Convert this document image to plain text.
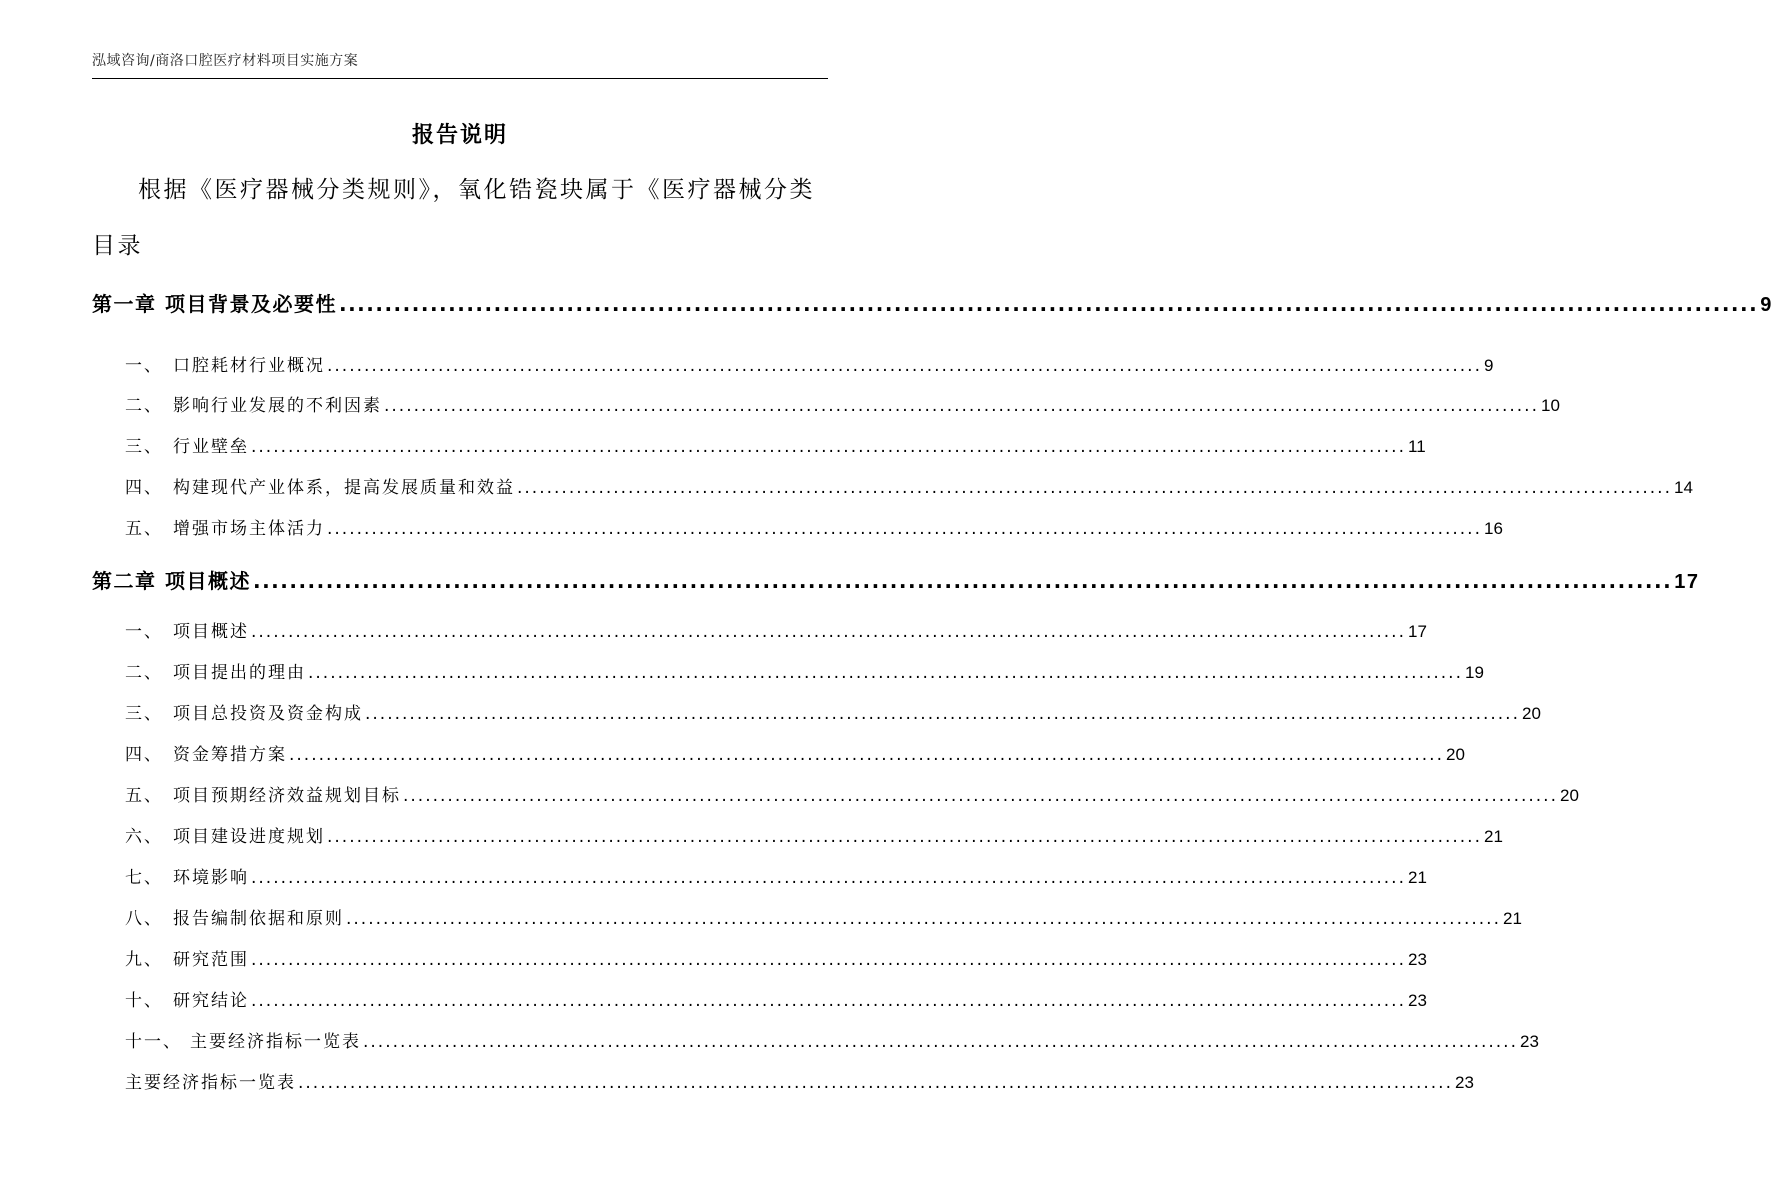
泓域咨询/商洛口腔医疗材料项目实施方案
报告说明

根据《医疗器械分类规则》，氧化锆瓷块属于《医疗器械分类目录

第一章 项目背景及必要性 ............................................................................................................................................................ 9
一、 口腔耗材行业概况 ............................................................................................................................................................ 9
二、 影响行业发展的不利因素 ............................................................................................................................................................ 10
三、 行业壁垒 ............................................................................................................................................................ 11
四、 构建现代产业体系，提高发展质量和效益 ............................................................................................................................................................ 14
五、 增强市场主体活力 ............................................................................................................................................................ 16
第二章 项目概述 ............................................................................................................................................................ 17
一、 项目概述 ............................................................................................................................................................ 17
二、 项目提出的理由 ............................................................................................................................................................ 19
三、 项目总投资及资金构成 ............................................................................................................................................................ 20
四、 资金筹措方案 ............................................................................................................................................................ 20
五、 项目预期经济效益规划目标 ............................................................................................................................................................ 20
六、 项目建设进度规划 ............................................................................................................................................................ 21
七、 环境影响 ............................................................................................................................................................ 21
八、 报告编制依据和原则 ............................................................................................................................................................ 21
九、 研究范围 ............................................................................................................................................................ 23
十、 研究结论 ............................................................................................................................................................ 23
十一、 主要经济指标一览表 ............................................................................................................................................................ 23
主要经济指标一览表 ............................................................................................................................................................ 23
